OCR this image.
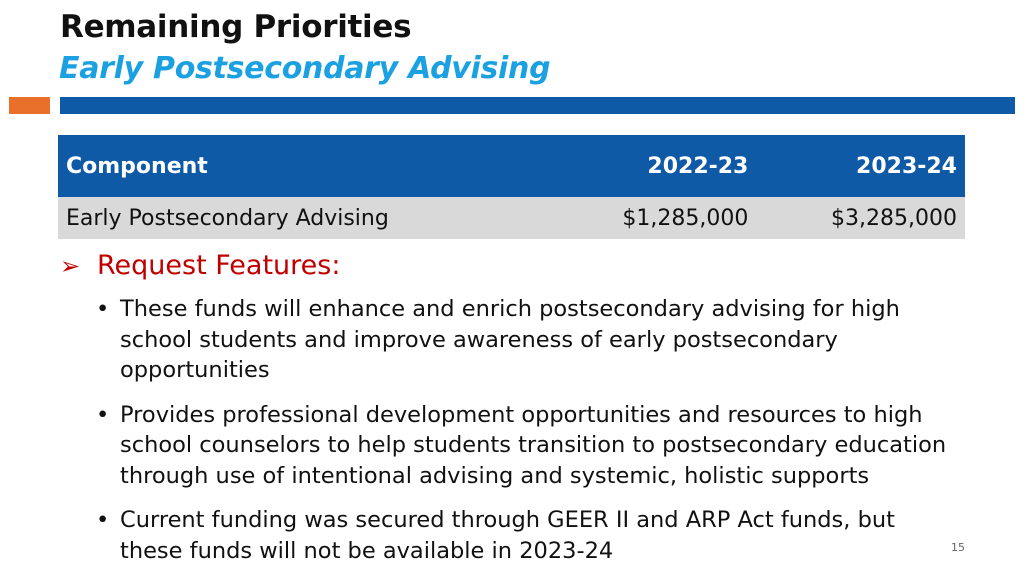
Remaining Priorities
Early Postsecondary Advising
Component	2022-23	2023-24
Early Postsecondary Advising	$1,285,000	$3,285,000
➢ Request Features:
• These funds will enhance and enrich postsecondary advising for high school students and improve awareness of early postsecondary opportunities
• Provides professional development opportunities and resources to high school counselors to help students transition to postsecondary education through use of intentional advising and systemic, holistic supports
• Current funding was secured through GEER II and ARP Act funds, but these funds will not be available in 2023-24	15
